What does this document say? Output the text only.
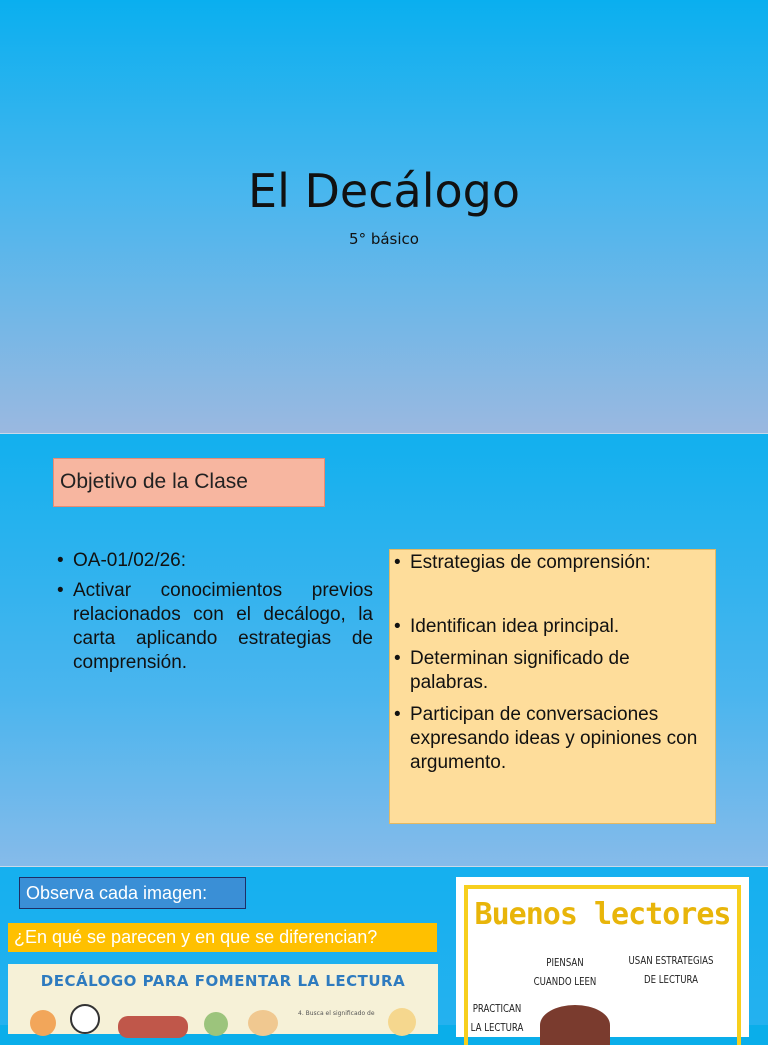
El Decálogo
5° básico
Objetivo de la Clase
• OA-01/02/26:
• Activar conocimientos previos relacionados con el decálogo, la carta aplicando estrategias de comprensión.
• Estrategias de comprensión:
• Identifican idea principal.
• Determinan significado de palabras.
• Participan de conversaciones expresando ideas y opiniones con argumento.
Observa cada imagen:
¿En qué se parecen y en que se diferencian?
DECÁLOGO PARA FOMENTAR LA LECTURA
4. Busca el significado de
Buenos lectores
PIENSAN
CUANDO LEEN
USAN ESTRATEGIAS
DE LECTURA
PRACTICAN
LA LECTURA
